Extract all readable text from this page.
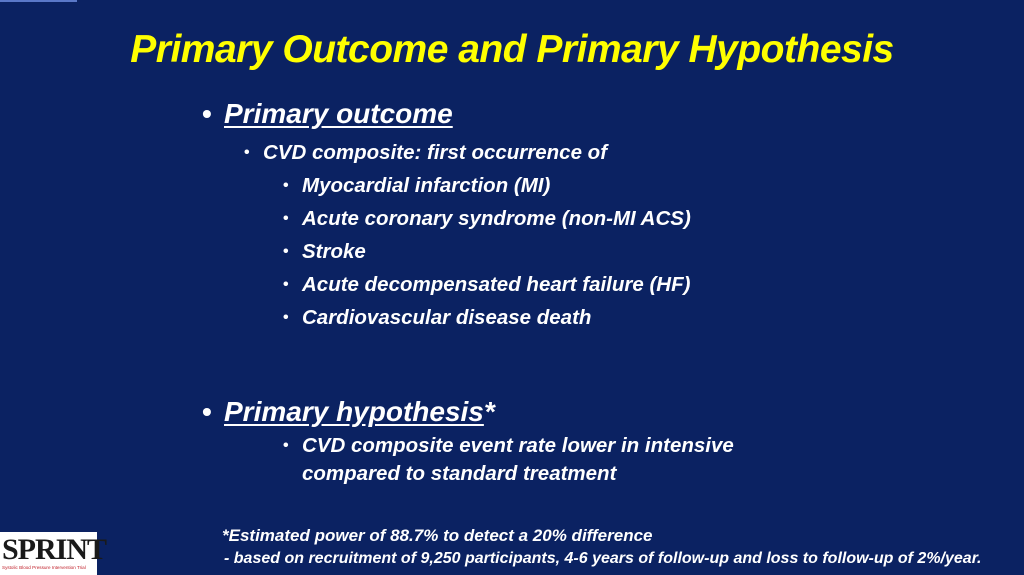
Primary Outcome and Primary Hypothesis
• Primary outcome
• CVD composite: first occurrence of
• Myocardial infarction (MI)
• Acute coronary syndrome (non-MI ACS)
• Stroke
• Acute decompensated heart failure (HF)
• Cardiovascular disease death
• Primary hypothesis*
• CVD composite event rate lower in intensive
compared to standard treatment
*Estimated power of 88.7% to detect a 20% difference
- based on recruitment of 9,250 participants, 4-6 years of follow-up and loss to follow-up of 2%/year.
SPRINT
Systolic Blood Pressure Intervention Trial
